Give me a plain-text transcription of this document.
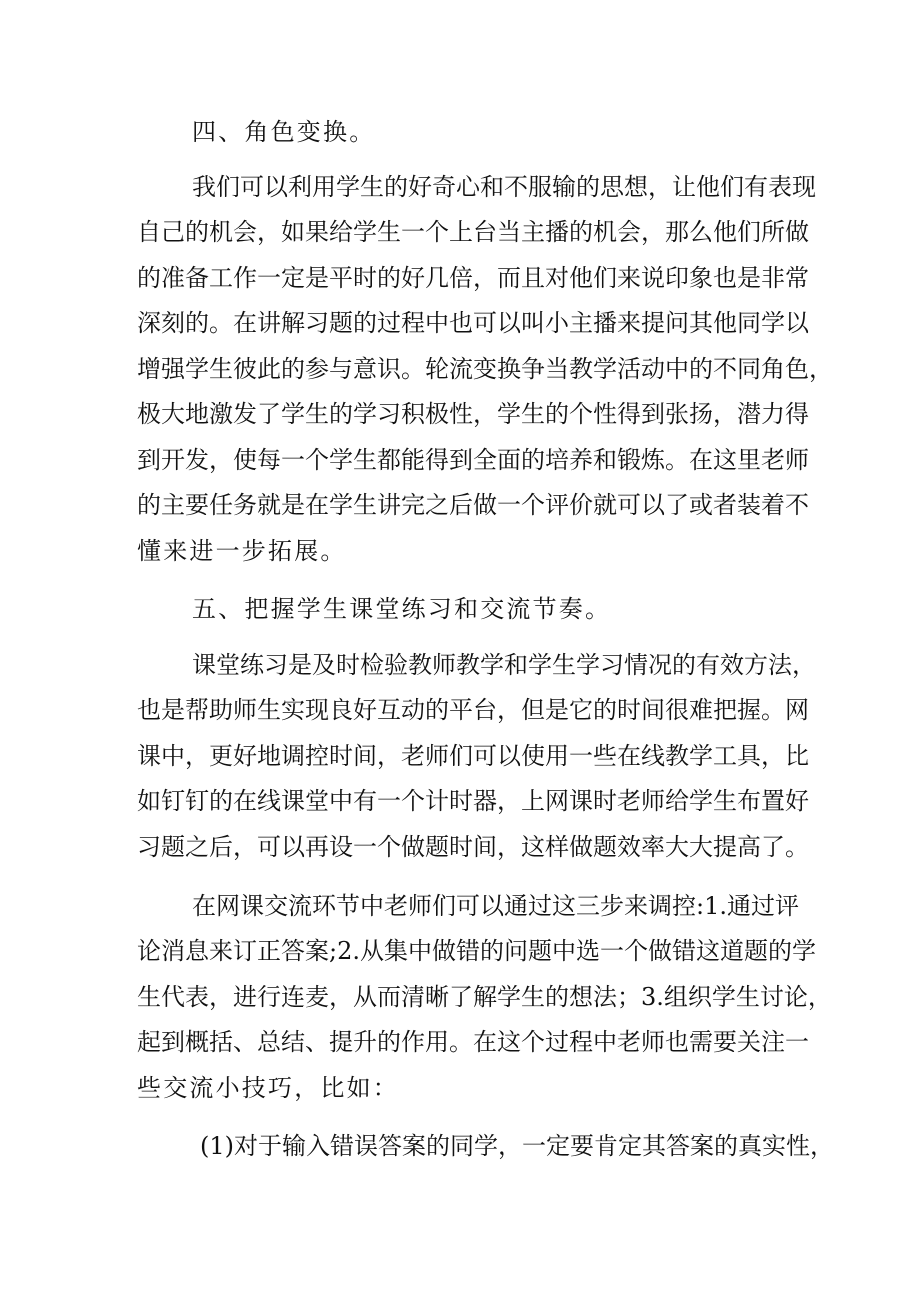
四、角色变换。
我们可以利用学生的好奇心和不服输的思想，让他们有表现
自己的机会，如果给学生一个上台当主播的机会，那么他们所做
的准备工作一定是平时的好几倍，而且对他们来说印象也是非常
深刻的。在讲解习题的过程中也可以叫小主播来提问其他同学以
增强学生彼此的参与意识。轮流变换争当教学活动中的不同角色，
极大地激发了学生的学习积极性，学生的个性得到张扬，潜力得
到开发，使每一个学生都能得到全面的培养和锻炼。在这里老师
的主要任务就是在学生讲完之后做一个评价就可以了或者装着不
懂来进一步拓展。
五、把握学生课堂练习和交流节奏。
课堂练习是及时检验教师教学和学生学习情况的有效方法，
也是帮助师生实现良好互动的平台，但是它的时间很难把握。网
课中，更好地调控时间，老师们可以使用一些在线教学工具，比
如钉钉的在线课堂中有一个计时器，上网课时老师给学生布置好
习题之后，可以再设一个做题时间，这样做题效率大大提高了。
在网课交流环节中老师们可以通过这三步来调控:1.通过评
论消息来订正答案;2.从集中做错的问题中选一个做错这道题的学
生代表，进行连麦，从而清晰了解学生的想法；3.组织学生讨论，
起到概括、总结、提升的作用。在这个过程中老师也需要关注一
些交流小技巧，比如：
(1)对于输入错误答案的同学，一定要肯定其答案的真实性，
